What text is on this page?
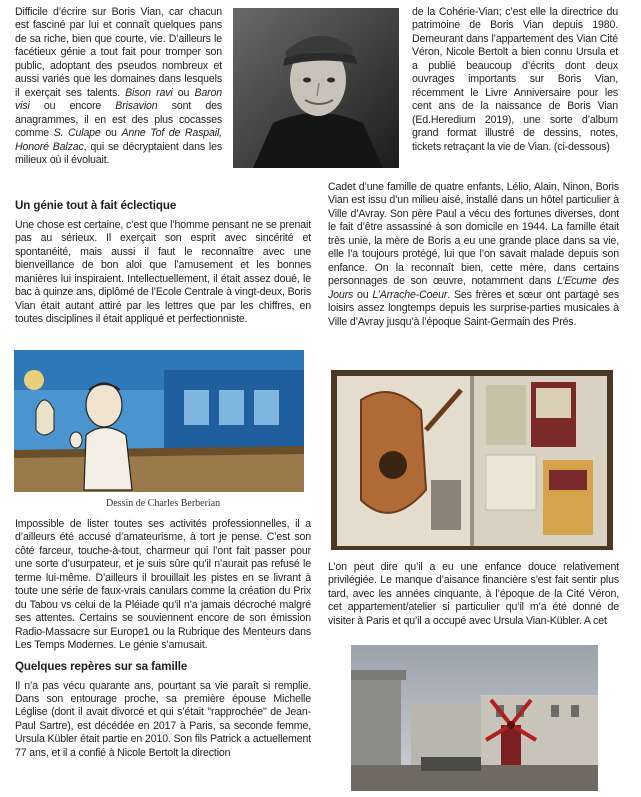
Difficile d’écrire sur Boris Vian, car chacun est fasciné par lui et connaît quelques pans de sa riche, bien que courte, vie. D’ailleurs le facétieux génie a tout fait pour tromper son public, adoptant des pseudos nombreux et aussi variés que les domaines dans lesquels il exerçait ses talents. Bison ravi ou Baron visi ou encore Brisavion sont des anagrammes, il en est des plus cocasses comme S. Culape ou Anne Tof de Raspail, Honoré Balzac, qui se décryptaient dans les milieux où il évoluait.

de la Cohérie-Vian; c’est elle la directrice du patrimoine de Boris Vian depuis 1980. Demeurant dans l’appartement des Vian Cité Véron, Nicole Bertolt a bien connu Ursula et a publié beaucoup d’écrits dont deux ouvrages importants sur Boris Vian, récemment le Livre Anniversaire pour les cent ans de la naissance de Boris Vian (Ed.Heredium 2019), une sorte d’album grand format illustré de dessins, notes, tickets retraçant la vie de Vian. (ci-dessous)

Un génie tout à fait éclectique

Une chose est certaine, c’est que l’homme pensant ne se prenait pas au sérieux. Il exerçait son esprit avec sincérité et spontanéité, mais aussi il faut le reconnaître avec une bienveillance de bon aloi que l’amusement et les bonnes manières lui inspiraient. Intellectuellement, il était assez doué, le bac à quinze ans, diplômé de l’Ecole Centrale à vingt-deux, Boris Vian était autant attiré par les lettres que par les chiffres, en toutes disciplines il était appliqué et perfectionniste.

Cadet d’une famille de quatre enfants, Lélio, Alain, Ninon, Boris Vian est issu d’un milieu aisé, installé dans un hôtel particulier à Ville d’Avray. Son père Paul a vécu des fortunes diverses, dont le fait d’être assassiné à son domicile en 1944. La famille était très unie, la mère de Boris a eu une grande place dans sa vie, elle l’a toujours protégé, lui que l’on savait malade depuis son enfance. On la reconnaît bien, cette mère, dans certains personnages de son œuvre, notamment dans L’Ecume des Jours ou L’Arrache-Coeur. Ses frères et sœur ont partagé ses loisirs assez longtemps depuis les surprise-parties musicales à Ville d’Avray jusqu’à l’époque Saint-Germain des Prés.

Dessin de Charles Berberian

Impossible de lister toutes ses activités professionnelles, il a d’ailleurs été accusé d’amateurisme, à tort je pense. C’est son côté farceur, touche-à-tout, charmeur qui l’ont fait passer pour une sorte d’usurpateur, et je suis sûre qu’il n’aurait pas refusé le terme lui-même. D’ailleurs il brouillait les pistes en se livrant à toute une série de faux-vrais canulars comme la création du Prix du Tabou vs celui de la Pléiade qu’il n’a jamais décroché malgré ses attentes. Certains se souviennent encore de son émission Radio-Massacre sur Europe1 ou la Rubrique des Menteurs dans Les Temps Modernes. Le génie s’amusait.

Quelques repères sur sa famille

Il n’a pas vécu quarante ans, pourtant sa vie paraît si remplie. Dans son entourage proche, sa première épouse Michelle Léglise (dont il avait divorcé et qui s’était "rapprochée" de Jean-Paul Sartre), est décédée en 2017 à Paris, sa seconde femme, Ursula Kübler était partie en 2010. Son fils Patrick a actuellement 77 ans, et il a confié à Nicole Bertolt la direction

L’on peut dire qu’il a eu une enfance douce relativement privilégiée. Le manque d’aisance financière s’est fait sentir plus tard, avec les années cinquante, à l’époque de la Cité Véron, cet appartement/atelier si particulier qu’il m’a été donné de visiter à Paris et qu’il a occupé avec Ursula Vian-Kübler. A cet
